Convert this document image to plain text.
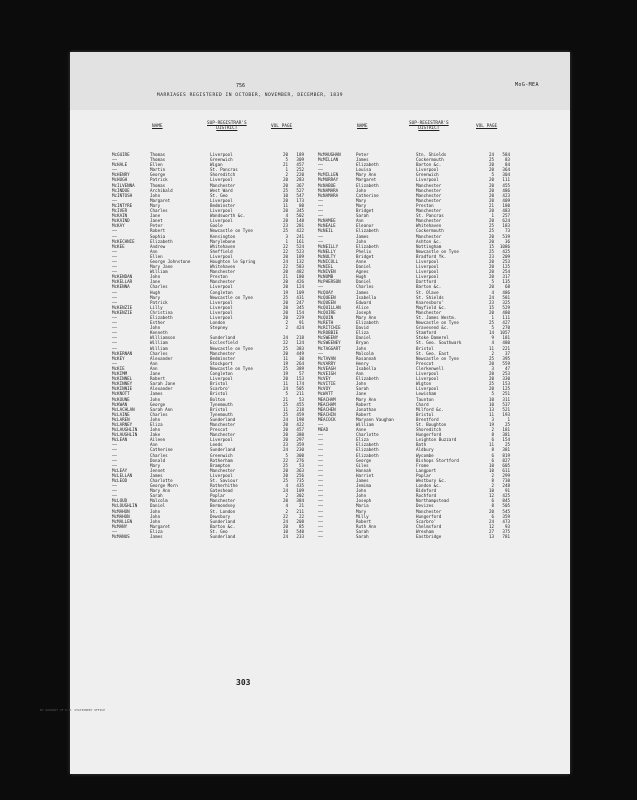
756	MoG-MEA
MARRIAGES REGISTERED IN OCTOBER, NOVEMBER, DECEMBER, 1839
NAME
SUP-REGISTRAR'S
DISTRICT	VOL PAGE	NAME
SUP-REGISTRAR'S
DISTRICT	VOL PAGE
McGUIRE	Thomas	Liverpool	20	189
——	Thomas	Greenwich	5	309
McHALE	Ellen	Wigan	21	457
——	Martin	St. Pancras	1	252
McHENRY	George	Shoreditch	2	220
McHUGH	Patrick	Liverpool	20	283
McILVENNA	Thomas	Manchester	20	367
McINDOE	Archibald	West Ward	25	527
McINTOSH	John	St. Geo	10	547
——	Margaret	Liverpool	20	173
McINTYRE	Mary	Bedminster	11	80
McIVER	Charles	Liverpool	20	345
McKAIN	Jane	Wandsworth &c.	4	502
McKAIND	Janet	Liverpool	20	148
McKAY	Peter	Goole	23	281
——	Robert	Newcastle on Tyne	25	422
——	Sophia	Kensington	3	241
McKECHNIE	Elizabeth	Marylebone	1	161
McKEE	Andrew	Whitehaven	22	524
——	Ann	Sheffield	22	523
——	Ellen	Liverpool	20	189
——	George Johnstone	Houghton le Spring	24	132
——	Mary Jane	Whitehaven	22	583
——	William	Manchester	20	482
McKENDAN	John	Preston	21	180
McKELLAR	Jane	Manchester	20	426
McKENNA	Charles	Liverpool	20	124
——	Hugh	Congleton	19	109
——	Mary	Newcastle on Tyne	25	431
——	Patrick	Liverpool	20	247
McKENZIE	Lilly	Liverpool	20	345
McKENZIE	Christina	Liverpool	20	154
——	Elizabeth	Liverpool	20	229
——	Esther	London	2	91
——	John	Stepney	2	424
——	Kenneth
——	Williamson	Sunderland	24	218
——	William	Ecclesfield	22	124
——	William	Newcastle on Tyne	25	383
McKERNAN	Charles	Manchester	20	449
McKEY	Alexander	Bedminster	11	30
——	Ann	Stockport	19	264
McKIE	Ann	Newcastle on Tyne	25	389
McKIMM	Jane	Congleton	19	57
McKINNEL	Robert	Liverpool	20	153
McKINNEY	Sarah Jane	Bristol	11	174
McKINNIE	Alexander	Scarbro'	24	505
McKNOTT	James	Bristol	5	211
McKOUNE	John	Bolton	21	53
McKWAN	George	Tynemouth	25	455
McLACHLAN	Sarah Ann	Bristol	11	218
McLAINE	Charles	Tynemouth	25	459
McLAREN	John	Sunderland	24	198
McLARNEY	Eliza	Manchester	20	422
McLAUGHLIN	John	Prescot	20	457
McLAUGHLIN	Jake	Manchester	20	380
McLEAN	Aileen	Liverpool	20	297
——	Ann	Leeds	23	359
——	Catherine	Sunderland	24	230
——	Charles	Greenwich	5	300
——	Donald	Rotherham	22	276
——	Mary	Brampton	25	53
McLEAY	Jennet	Manchester	20	363
McLELLAN	James	Liverpool	20	256
McLEOD	Charlotte	St. Saviour	25	735
——	George Morn	Rotherhithe	4	435
——	Mary Ann	Gateshead	24	109
——	Sarah	Poplar	2	302
McLOUD	Malcolm	Manchester	20	384
McLOUGHLIN	Daniel	Bermondsey	4	21
McMAHON	John	St. London	2	211
McMAHON	John	Dewsbury	22	22
McMALLEN	John	Sunderland	24	208
McMANY	Margaret	Barton &c.	20	85
——	Eliza	St. Geo	10	540
McMANUS	James	Sunderland	24	233
McMAUGHAN	Peter	Stn. Shields	24	584
McMILLAN	James	Cockermouth	25	83
——	Elizabeth	Barton &c.	20	84
——	Louisa	Liverpool	20	364
McMILLEN	Mary Ann	Greenwich	5	304
McMURRAY	Margaret	Liverpool	20	111
McNABOE	Elizabeth	Manchester	20	455
McNAMARA	John	Manchester	20	486
McNAMARA	Catherine	Manchester	20	423
——	Mary	Manchester	20	409
——	Mary	Preston	21	180
——	Bridget	Manchester	20	483
——	Sarah	St. Pancras	1	257
McNAMEE	Ann	Manchester	20	624
McNEALE	Eleanor	Whitehaven	25	183
McNEIL	Elizabeth	Cockermouth	25	73
——	James	Manchester	20	539
——	John	Ashton &c.	20	36
McNEILLY	Elizabeth	Nottingham	15	1086
McNELLY	Phelix	Newcastle on Tyne	25	425
McNULTY	Bridget	Bradford Yk.	23	209
McNICOLL	Anne	Liverpool	20	253
McNIEL	Daniel	Liverpool	20	125
McNIVEN	Agnes	Liverpool	20	254
McNUMB	Hugh	Liverpool	20	317
McPHERSON	Daniel	Dartford	5	135
——	Charles	Barton &c.	20	68
McQUAY	James	St. Olave	4	486
McQUEEN	Isabella	St. Shields	24	581
McQUEEN	Edward	Knaresboro'	23	325
McQUILLAN	Alice	Mayfield &c.	15	529
McQUIRE	Joseph	Manchester	20	480
McQUIN	Mary Ann	St. James Westm.	1	111
McRETH	Elizabeth	Newcastle on Tyne	25	427
McRITCHIE	David	Gravesend &c.	5	270
McROBBIE	Eliza	Stamford	14	1057
McSWEENY	Daniel	Stoke Damerel	9	181
McSWEENEY	Bryan	St. Geo. Southwark	4	480
McTAGGART	John	Bristol	11	221
——	Malcolm	St. Geo. East	2	37
McTAVAN	Rosannah	Newcastle on Tyne	25	395
McVARRY	Henry	Prescot	20	559
McVEAGH	Isabella	Clerkenwell	3	47
McVEIGH	Ann	Liverpool	20	253
McVEY	Elizabeth	Liverpool	20	330
McVITIE	John	Wigton	25	153
McVOY	Sarah	Liverpool	20	125
McWATT	Jane	Lewisham	5	251
MEACHAM	Mary Ann	Taunton	10	311
MEACHAM	Robert	Chard	10	537
MEACHEN	Jonathan	Milford &c.	13	521
MEACHIN	Robert	Bristol	11	193
MEACOCK	Maryann Vaughan	Brentford	3	1
——	William	St. Boughton	19	25
MEAD	Anne	Shoreditch	2	181
——	Charlotte	Hungerford	8	381
——	Eliza	Leighton Buzzard	6	154
——	Elizabeth	Bath	11	25
——	Elizabeth	Aldbury	8	381
——	Elizabeth	Wycombe	6	819
——	George	Bishops Stortford	6	827
——	Giles	Frome	10	605
——	Hannah	Langport	10	611
——	Harriet	Poplar	2	299
——	James	Westbury &c.	8	730
——	Jemima	London &c.	2	248
——	John	Bideford	10	91
——	John	Rochford	12	425
——	Joseph	Northampstead	6	845
——	Maria	Devizes	8	505
——	Mary	Manchester	20	545
——	Milly	Hungerford	6	359
——	Robert	Scarbro'	24	473
——	Ruth Ann	Chelmsford	12	93
——	Sarah	Wrexham	27	375
——	Sarah	Eastbridge	13	781
303
BY WARRANT OF H.M. STATIONERY OFFICE
